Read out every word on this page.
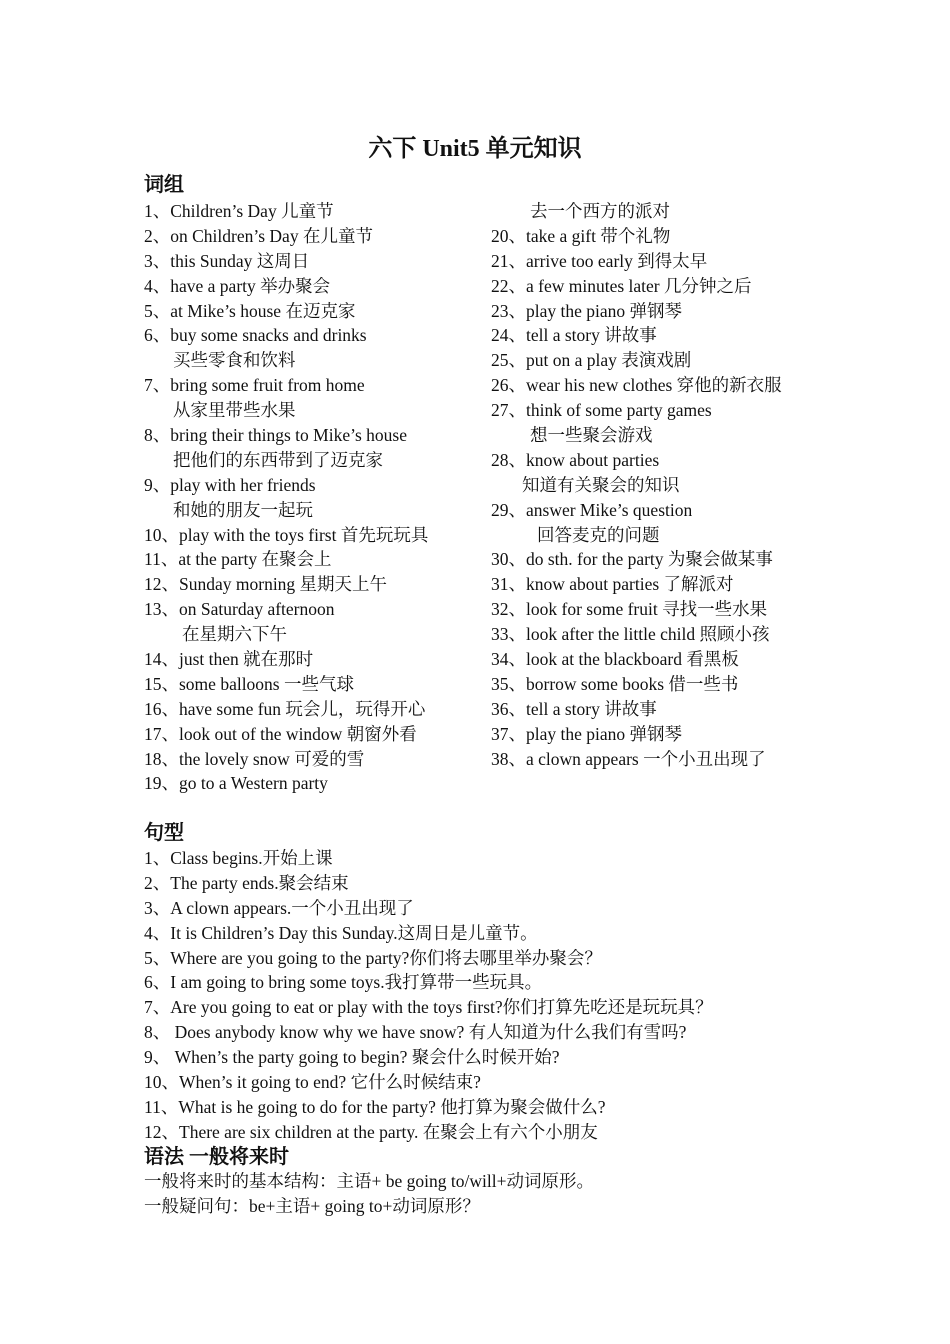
六下 Unit5 单元知识
词组
1、Children’s Day 儿童节
2、on Children’s Day 在儿童节
3、this Sunday 这周日
4、have a party 举办聚会
5、at Mike’s house 在迈克家
6、buy some snacks and drinks
买些零食和饮料
7、bring some fruit from home
从家里带些水果
8、bring their things to Mike’s house
把他们的东西带到了迈克家
9、play with her friends
和她的朋友一起玩
10、play with the toys first 首先玩玩具
11、at the party 在聚会上
12、Sunday morning 星期天上午
13、on Saturday afternoon
在星期六下午
14、just then 就在那时
15、some balloons 一些气球
16、have some fun 玩会儿，玩得开心
17、look out of the window 朝窗外看
18、the lovely snow 可爱的雪
19、go to a Western party
去一个西方的派对
20、take a gift 带个礼物
21、arrive too early 到得太早
22、a few minutes later 几分钟之后
23、play the piano 弹钢琴
24、tell a story 讲故事
25、put on a play 表演戏剧
26、wear his new clothes 穿他的新衣服
27、think of some party games
想一些聚会游戏
28、know about parties
知道有关聚会的知识
29、answer Mike’s question
回答麦克的问题
30、do sth. for the party 为聚会做某事
31、know about parties 了解派对
32、look for some fruit 寻找一些水果
33、look after the little child 照顾小孩
34、look at the blackboard 看黑板
35、borrow some books 借一些书
36、tell a story 讲故事
37、play the piano 弹钢琴
38、a clown appears 一个小丑出现了
句型
1、Class begins.开始上课
2、The party ends.聚会结束
3、A clown appears.一个小丑出现了
4、It is Children’s Day this Sunday.这周日是儿童节。
5、Where are you going to the party?你们将去哪里举办聚会？
6、I am going to bring some toys.我打算带一些玩具。
7、Are you going to eat or play with the toys first?你们打算先吃还是玩玩具？
8、 Does anybody know why we have snow? 有人知道为什么我们有雪吗?
9、 When’s the party going to begin? 聚会什么时候开始?
10、When’s it going to end? 它什么时候结束?
11、What is he going to do for the party? 他打算为聚会做什么?
12、There are six children at the party. 在聚会上有六个小朋友
语法 一般将来时
一般将来时的基本结构：主语+ be going to/will+动词原形。
一般疑问句：be+主语+ going to+动词原形？
